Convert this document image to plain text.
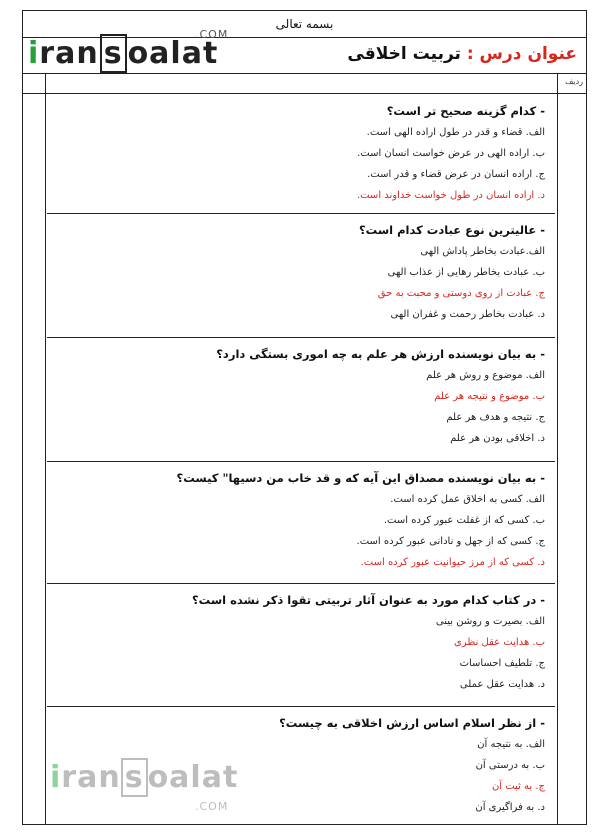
بسمه تعالی
iran s oalat	عنوان درس : تربیت اخلاقی
.COM
ردیف
- کدام گزینه صحیح تر است؟
الف. قضاء و قدر در طول اراده الهی است.
ب. اراده الهی در عرض خواست انسان است.
ج. اراده انسان در عرض قضاء و قدر است.
د. اراده انسان در طول خواست خداوند است.
- عالیترین نوع عبادت کدام است؟
الف.عبادت بخاطر پاداش الهی
ب. عبادت بخاطر رهایی از عذاب الهی
ج. عبادت از روی دوستی و محبت به حق
د. عبادت بخاطر رحمت و غفران الهی
- به بیان نویسنده ارزش هر علم به چه اموری بستگی دارد؟
الف. موضوع و روش هر علم
ب. موضوع و نتیجه هر علم
ج. نتیجه و هدف هر علم
د. اخلاقی بودن هر علم
- به بیان نویسنده مصداق این آیه که و قد خاب من دسیها" کیست؟
الف. کسی به اخلاق عمل کرده است.
ب. کسی که از غفلت عبور کرده است.
ج. کسی که از جهل و نادانی عبور کرده است.
د. کسی که از مرز حیوانیت عبور کرده است.
- در کتاب کدام مورد به عنوان آثار تربیتی تقوا ذکر نشده است؟
الف. بصیرت و روشن بینی
ب. هدایت عقل نظری
ج. تلطیف احساسات
د. هدایت عقل عملی
- از نظر اسلام اساس ارزش اخلاقی به چیست؟
الف. به نتیجه آن
ب. به درستی آن
ج. به ثبت آن
د. به فراگیری آن
iran s oalat
.COM
